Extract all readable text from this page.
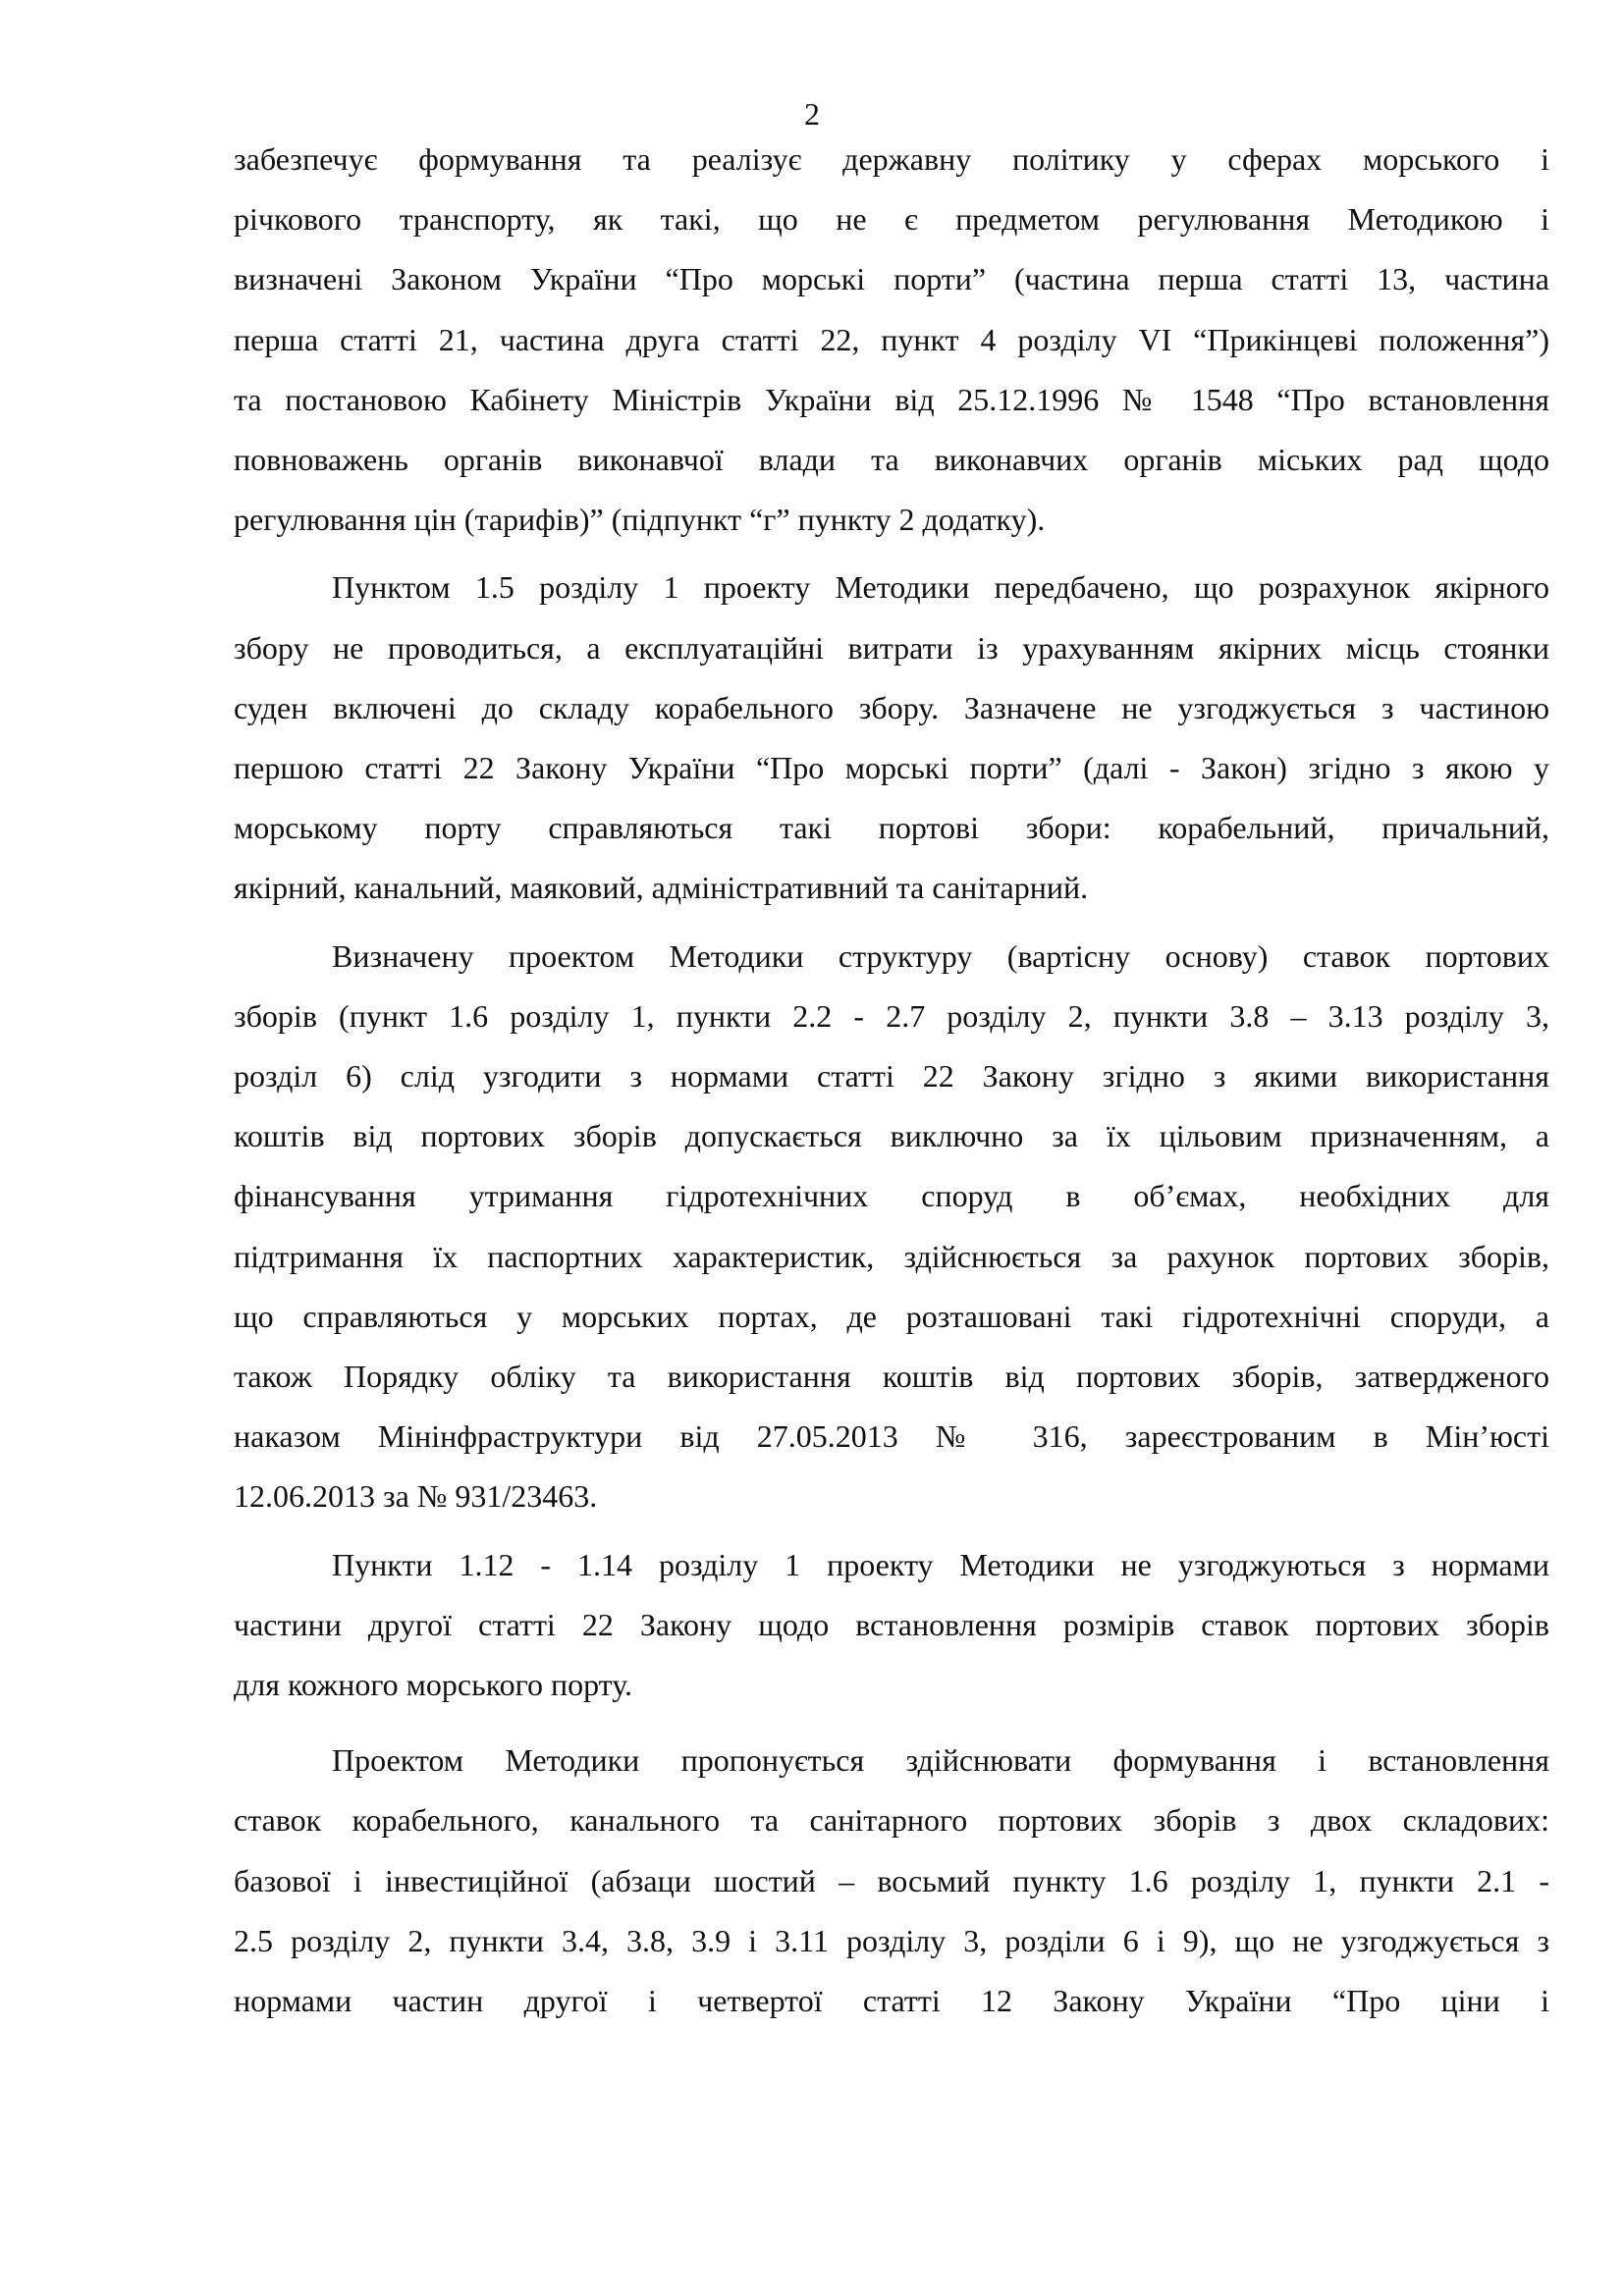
2
забезпечує формування та реалізує державну політику у сферах морського і
річкового транспорту, як такі, що не є предметом регулювання Методикою і
визначені Законом України “Про морські порти” (частина перша статті 13, частина
перша статті 21, частина друга статті 22, пункт 4 розділу VI “Прикінцеві положення”)
та постановою Кабінету Міністрів України від 25.12.1996 № 1548 “Про встановлення
повноважень органів виконавчої влади та виконавчих органів міських рад щодо
регулювання цін (тарифів)” (підпункт “г” пункту 2 додатку).
Пунктом 1.5 розділу 1 проекту Методики передбачено, що розрахунок якірного
збору не проводиться, а експлуатаційні витрати із урахуванням якірних місць стоянки
суден включені до складу корабельного збору. Зазначене не узгоджується з частиною
першою статті 22 Закону України “Про морські порти” (далі - Закон) згідно з якою у
морському порту справляються такі портові збори: корабельний, причальний,
якірний, канальний, маяковий, адміністративний та санітарний.
Визначену проектом Методики структуру (вартісну основу) ставок портових
зборів (пункт 1.6 розділу 1, пункти 2.2 - 2.7 розділу 2, пункти 3.8 – 3.13 розділу 3,
розділ 6) слід узгодити з нормами статті 22 Закону згідно з якими використання
коштів від портових зборів допускається виключно за їх цільовим призначенням, а
фінансування утримання гідротехнічних споруд в об’ємах, необхідних для
підтримання їх паспортних характеристик, здійснюється за рахунок портових зборів,
що справляються у морських портах, де розташовані такі гідротехнічні споруди, а
також Порядку обліку та використання коштів від портових зборів, затвердженого
наказом Мінінфраструктури від 27.05.2013 № 316, зареєстрованим в Мін’юсті
12.06.2013 за № 931/23463.
Пункти 1.12 - 1.14 розділу 1 проекту Методики не узгоджуються з нормами
частини другої статті 22 Закону щодо встановлення розмірів ставок портових зборів
для кожного морського порту.
Проектом Методики пропонується здійснювати формування і встановлення
ставок корабельного, канального та санітарного портових зборів з двох складових:
базової і інвестиційної (абзаци шостий – восьмий пункту 1.6 розділу 1, пункти 2.1 -
2.5 розділу 2, пункти 3.4, 3.8, 3.9 і 3.11 розділу 3, розділи 6 і 9), що не узгоджується з
нормами частин другої і четвертої статті 12 Закону України “Про ціни і
